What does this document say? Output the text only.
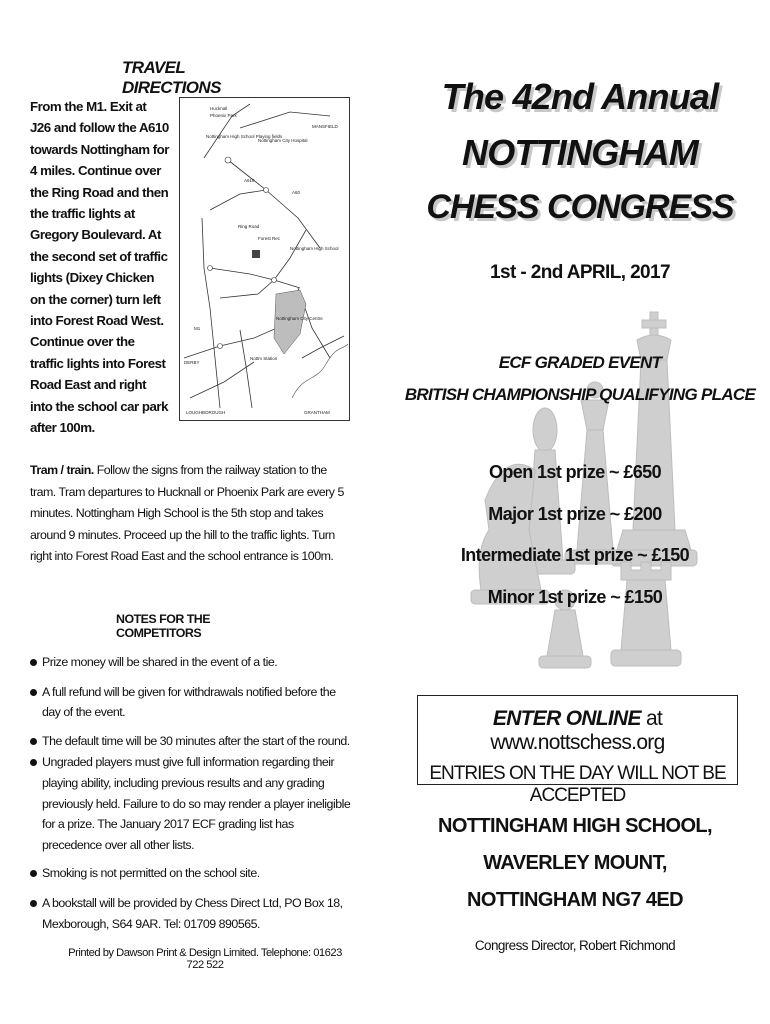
TRAVEL DIRECTIONS
From the M1. Exit at J26 and follow the A610 towards Nottingham for 4 miles. Continue over the Ring Road and then the traffic lights at Gregory Boulevard. At the second set of traffic lights (Dixey Chicken on the corner) turn left into Forest Road West. Continue over the traffic lights into Forest Road East and right into the school car park after 100m.
Hucknall
Phoenix Park
Nottingham High School Playing fields
MANSFIELD
Nottingham City Hospital
Nottingham High School
Nottingham City Centre
Forest Rec
DERBY
A610
A60
Ring Road
M1
LOUGHBOROUGH
Nottm Station
GRANTHAM
Tram / train. Follow the signs from the railway station to the tram. Tram departures to Hucknall or Phoenix Park are every 5 minutes. Nottingham High School is the 5th stop and takes around 9 minutes. Proceed up the hill to the traffic lights. Turn right into Forest Road East and the school entrance is 100m.
NOTES FOR THE COMPETITORS
Prize money will be shared in the event of a tie.
A full refund will be given for withdrawals notified before the day of the event.
The default time will be 30 minutes after the start of the round.
Ungraded players must give full information regarding their playing ability, including previous results and any grading previously held. Failure to do so may render a player ineligible for a prize. The January 2017 ECF grading list has precedence over all other lists.
Smoking is not permitted on the school site.
A bookstall will be provided by Chess Direct Ltd, PO Box 18, Mexborough, S64 9AR. Tel: 01709 890565.
Printed by Dawson Print & Design Limited. Telephone: 01623 722 522
The 42nd Annual
NOTTINGHAM
CHESS CONGRESS
1st - 2nd APRIL, 2017
ECF GRADED EVENT
BRITISH CHAMPIONSHIP QUALIFYING PLACE
Open 1st prize ~ £650
Major 1st prize ~ £200
Intermediate 1st prize ~ £150
Minor 1st prize ~ £150
ENTER ONLINE at www.nottschess.org
ENTRIES ON THE DAY WILL NOT BE ACCEPTED
NOTTINGHAM HIGH SCHOOL,
WAVERLEY MOUNT,
NOTTINGHAM NG7 4ED
Congress Director, Robert Richmond
